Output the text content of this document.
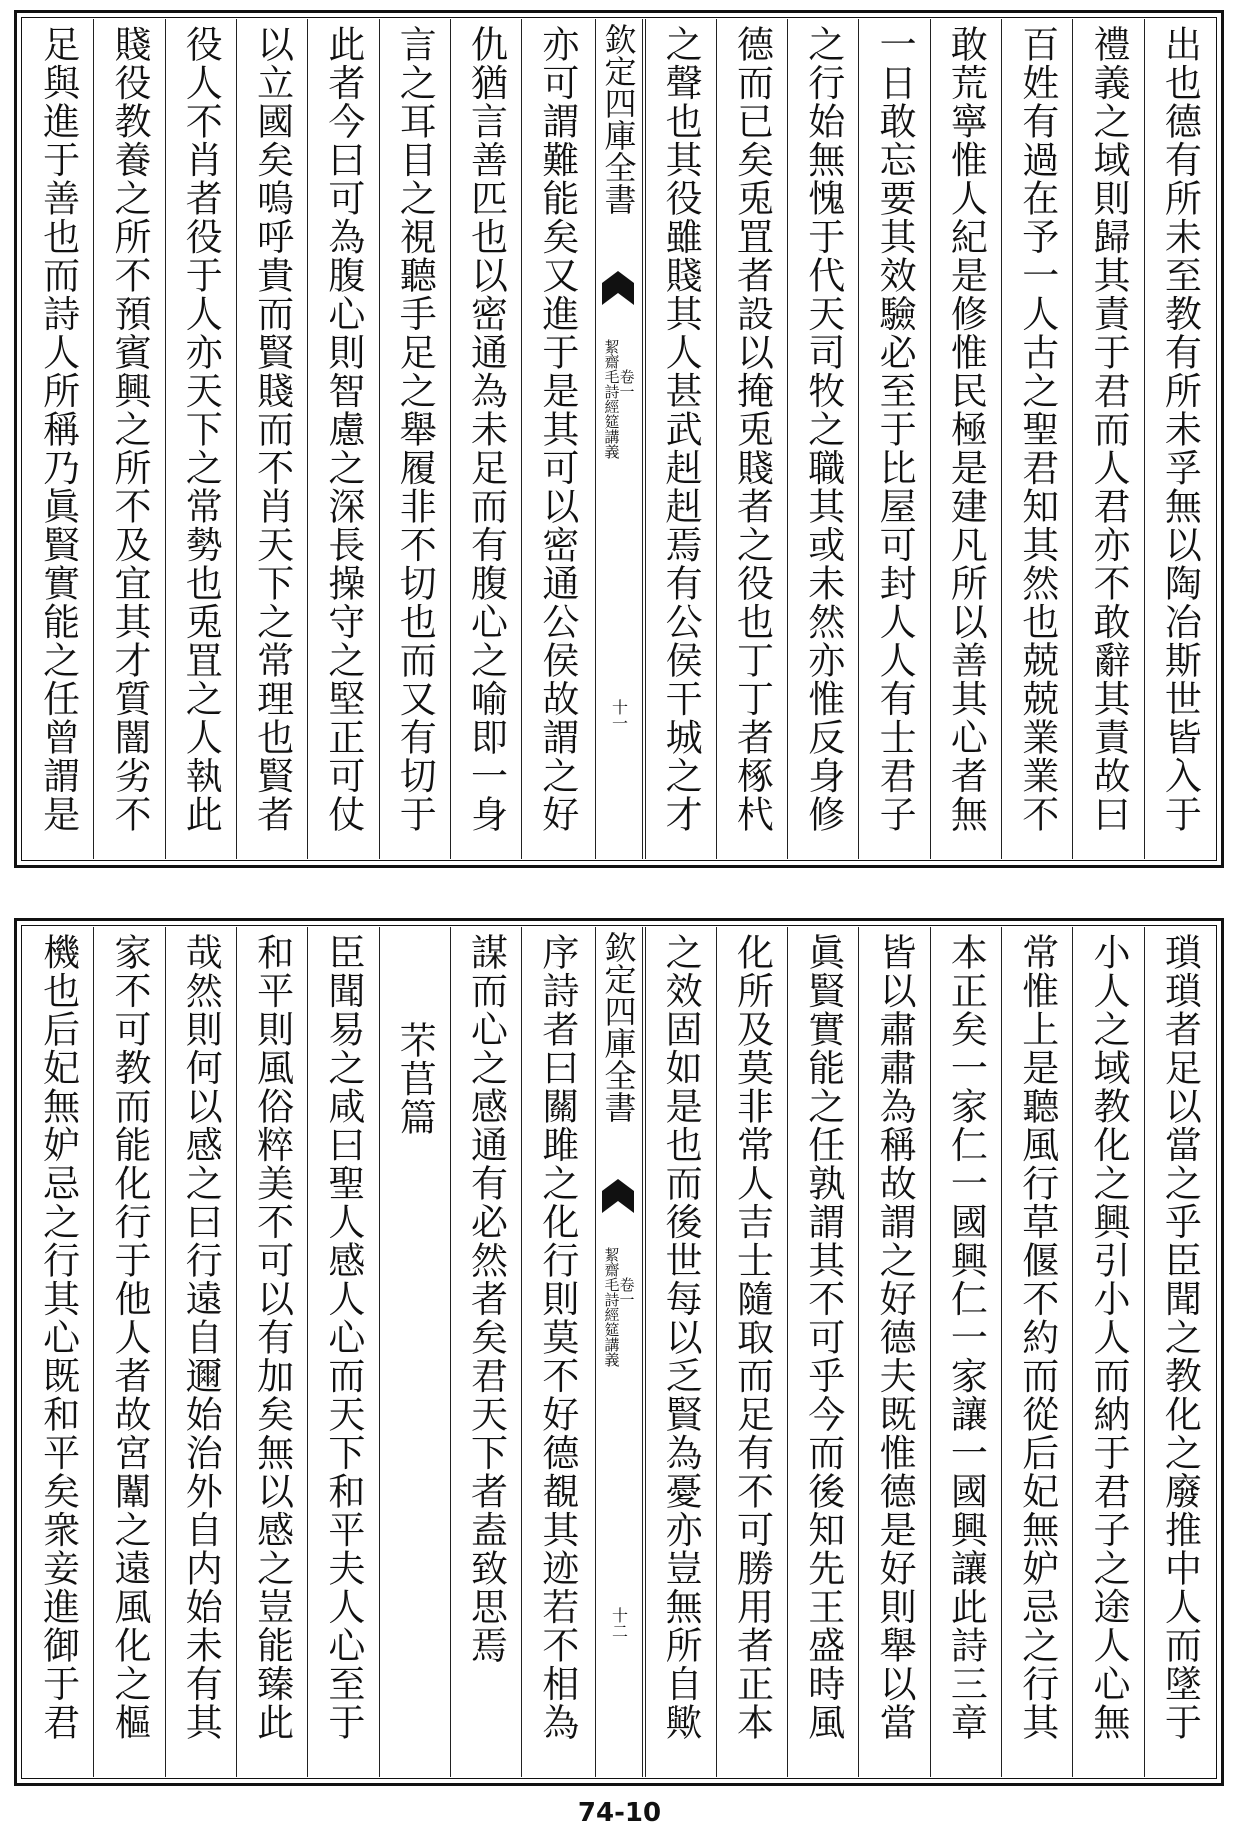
出也德有所未至教有所未孚無以陶冶斯世皆入于
禮義之域則歸其責于君而人君亦不敢辭其責故曰
百姓有過在予一人古之聖君知其然也兢兢業業不
敢荒寧惟人紀是修惟民極是建凡所以善其心者無
一日敢忘要其效驗必至于比屋可封人人有士君子
之行始無愧于代天司牧之職其或未然亦惟反身修
德而已矣兎罝者設以掩兎賤者之役也丁丁者椓杙
之聲也其役雖賤其人甚武赳赳焉有公侯干城之才
欽定四庫全書
絜齋毛詩經筵講義
卷一
十一
亦可謂難能矣又進于是其可以密通公侯故謂之好
仇猶言善匹也以密通為未足而有腹心之喻即一身
言之耳目之視聽手足之舉履非不切也而又有切于
此者今曰可為腹心則智慮之深長操守之堅正可仗
以立國矣嗚呼貴而賢賤而不肖天下之常理也賢者
役人不肖者役于人亦天下之常勢也兎罝之人執此
賤役教養之所不預賓興之所不及宜其才質闇劣不
足與進于善也而詩人所稱乃眞賢實能之任曾謂是
瑣瑣者足以當之乎臣聞之教化之廢推中人而墜于
小人之域教化之興引小人而納于君子之途人心無
常惟上是聽風行草偃不約而從后妃無妒忌之行其
本正矣一家仁一國興仁一家讓一國興讓此詩三章
皆以肅肅為稱故謂之好德夫既惟德是好則舉以當
眞賢實能之任孰謂其不可乎今而後知先王盛時風
化所及莫非常人吉士隨取而足有不可勝用者正本
之效固如是也而後世每以乏賢為憂亦豈無所自歟
欽定四庫全書
絜齋毛詩經筵講義
卷一
十二
序詩者曰關雎之化行則莫不好德覩其迹若不相為
謀而心之感通有必然者矣君天下者盍致思焉
芣苢篇
臣聞易之咸曰聖人感人心而天下和平夫人心至于
和平則風俗粹美不可以有加矣無以感之豈能臻此
哉然則何以感之曰行遠自邇始治外自内始未有其
家不可教而能化行于他人者故宮闈之遠風化之樞
機也后妃無妒忌之行其心既和平矣衆妾進御于君
74-10
